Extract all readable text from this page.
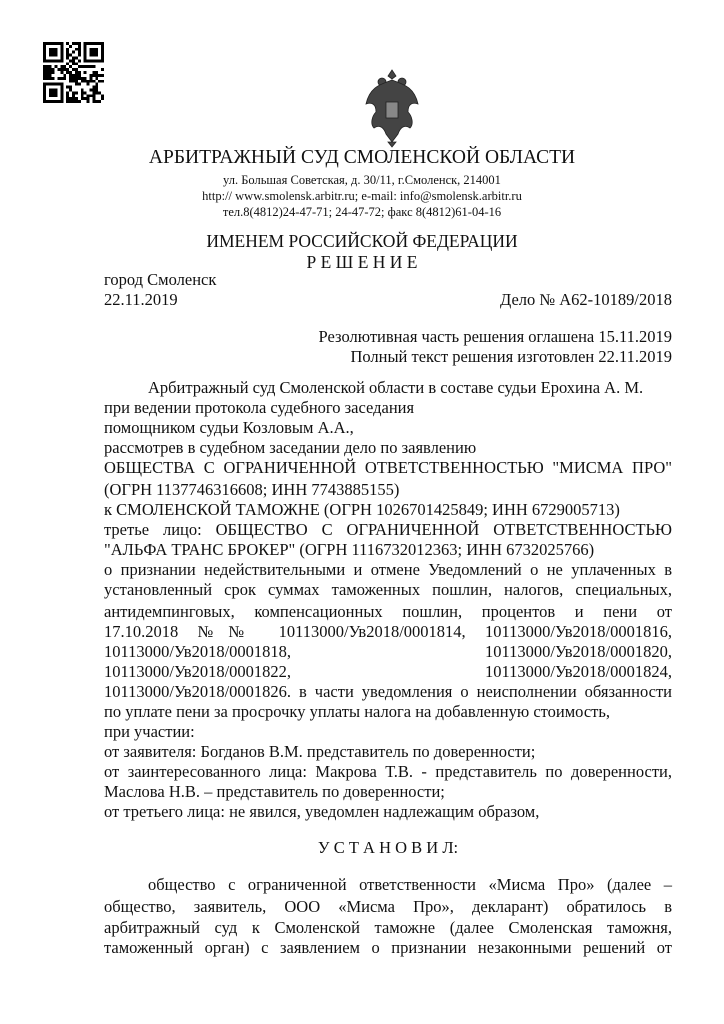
АРБИТРАЖНЫЙ СУД СМОЛЕНСКОЙ ОБЛАСТИ
ул. Большая Советская, д. 30/11, г.Смоленск, 214001
http:// www.smolensk.arbitr.ru; e-mail: info@smolensk.arbitr.ru
тел.8(4812)24-47-71; 24-47-72; факс 8(4812)61-04-16
ИМЕНЕМ РОССИЙСКОЙ ФЕДЕРАЦИИ
Р Е Ш Е Н И Е
город Смоленск
22.11.2019	Дело № А62-10189/2018
Резолютивная часть решения оглашена 15.11.2019
Полный текст решения изготовлен 22.11.2019
Арбитражный суд Смоленской области в составе судьи Ерохина А. М.
при ведении протокола судебного заседания
помощником судьи Козловым А.А.,
рассмотрев в судебном заседании дело по заявлению
ОБЩЕСТВА С ОГРАНИЧЕННОЙ ОТВЕТСТВЕННОСТЬЮ "МИСМА ПРО"
(ОГРН 1137746316608; ИНН 7743885155)
к СМОЛЕНСКОЙ ТАМОЖНЕ (ОГРН 1026701425849; ИНН 6729005713)
третье лицо: ОБЩЕСТВО С ОГРАНИЧЕННОЙ ОТВЕТСТВЕННОСТЬЮ
"АЛЬФА ТРАНС БРОКЕР" (ОГРН 1116732012363; ИНН 6732025766)
о признании недействительными и отмене Уведомлений о не уплаченных в
установленный срок суммах таможенных пошлин, налогов, специальных,
антидемпинговых, компенсационных пошлин, процентов и пени от
17.10.2018 №№ 10113000/Ув2018/0001814, 10113000/Ув2018/0001816,
10113000/Ув2018/0001818, 10113000/Ув2018/0001820,
10113000/Ув2018/0001822, 10113000/Ув2018/0001824,
10113000/Ув2018/0001826. в части уведомления о неисполнении обязанности
по уплате пени за просрочку уплаты налога на добавленную стоимость,
при участии:
от заявителя: Богданов В.М. представитель по доверенности;
от заинтересованного лица: Макрова Т.В. - представитель по доверенности,
Маслова Н.В. – представитель по доверенности;
от третьего лица: не явился, уведомлен надлежащим образом,
У С Т А Н О В И Л:
общество с ограниченной ответственности «Мисма Про» (далее –
общество, заявитель, ООО «Мисма Про», декларант) обратилось в
арбитражный суд к Смоленской таможне (далее Смоленская таможня,
таможенный орган) с заявлением о признании незаконными решений от
